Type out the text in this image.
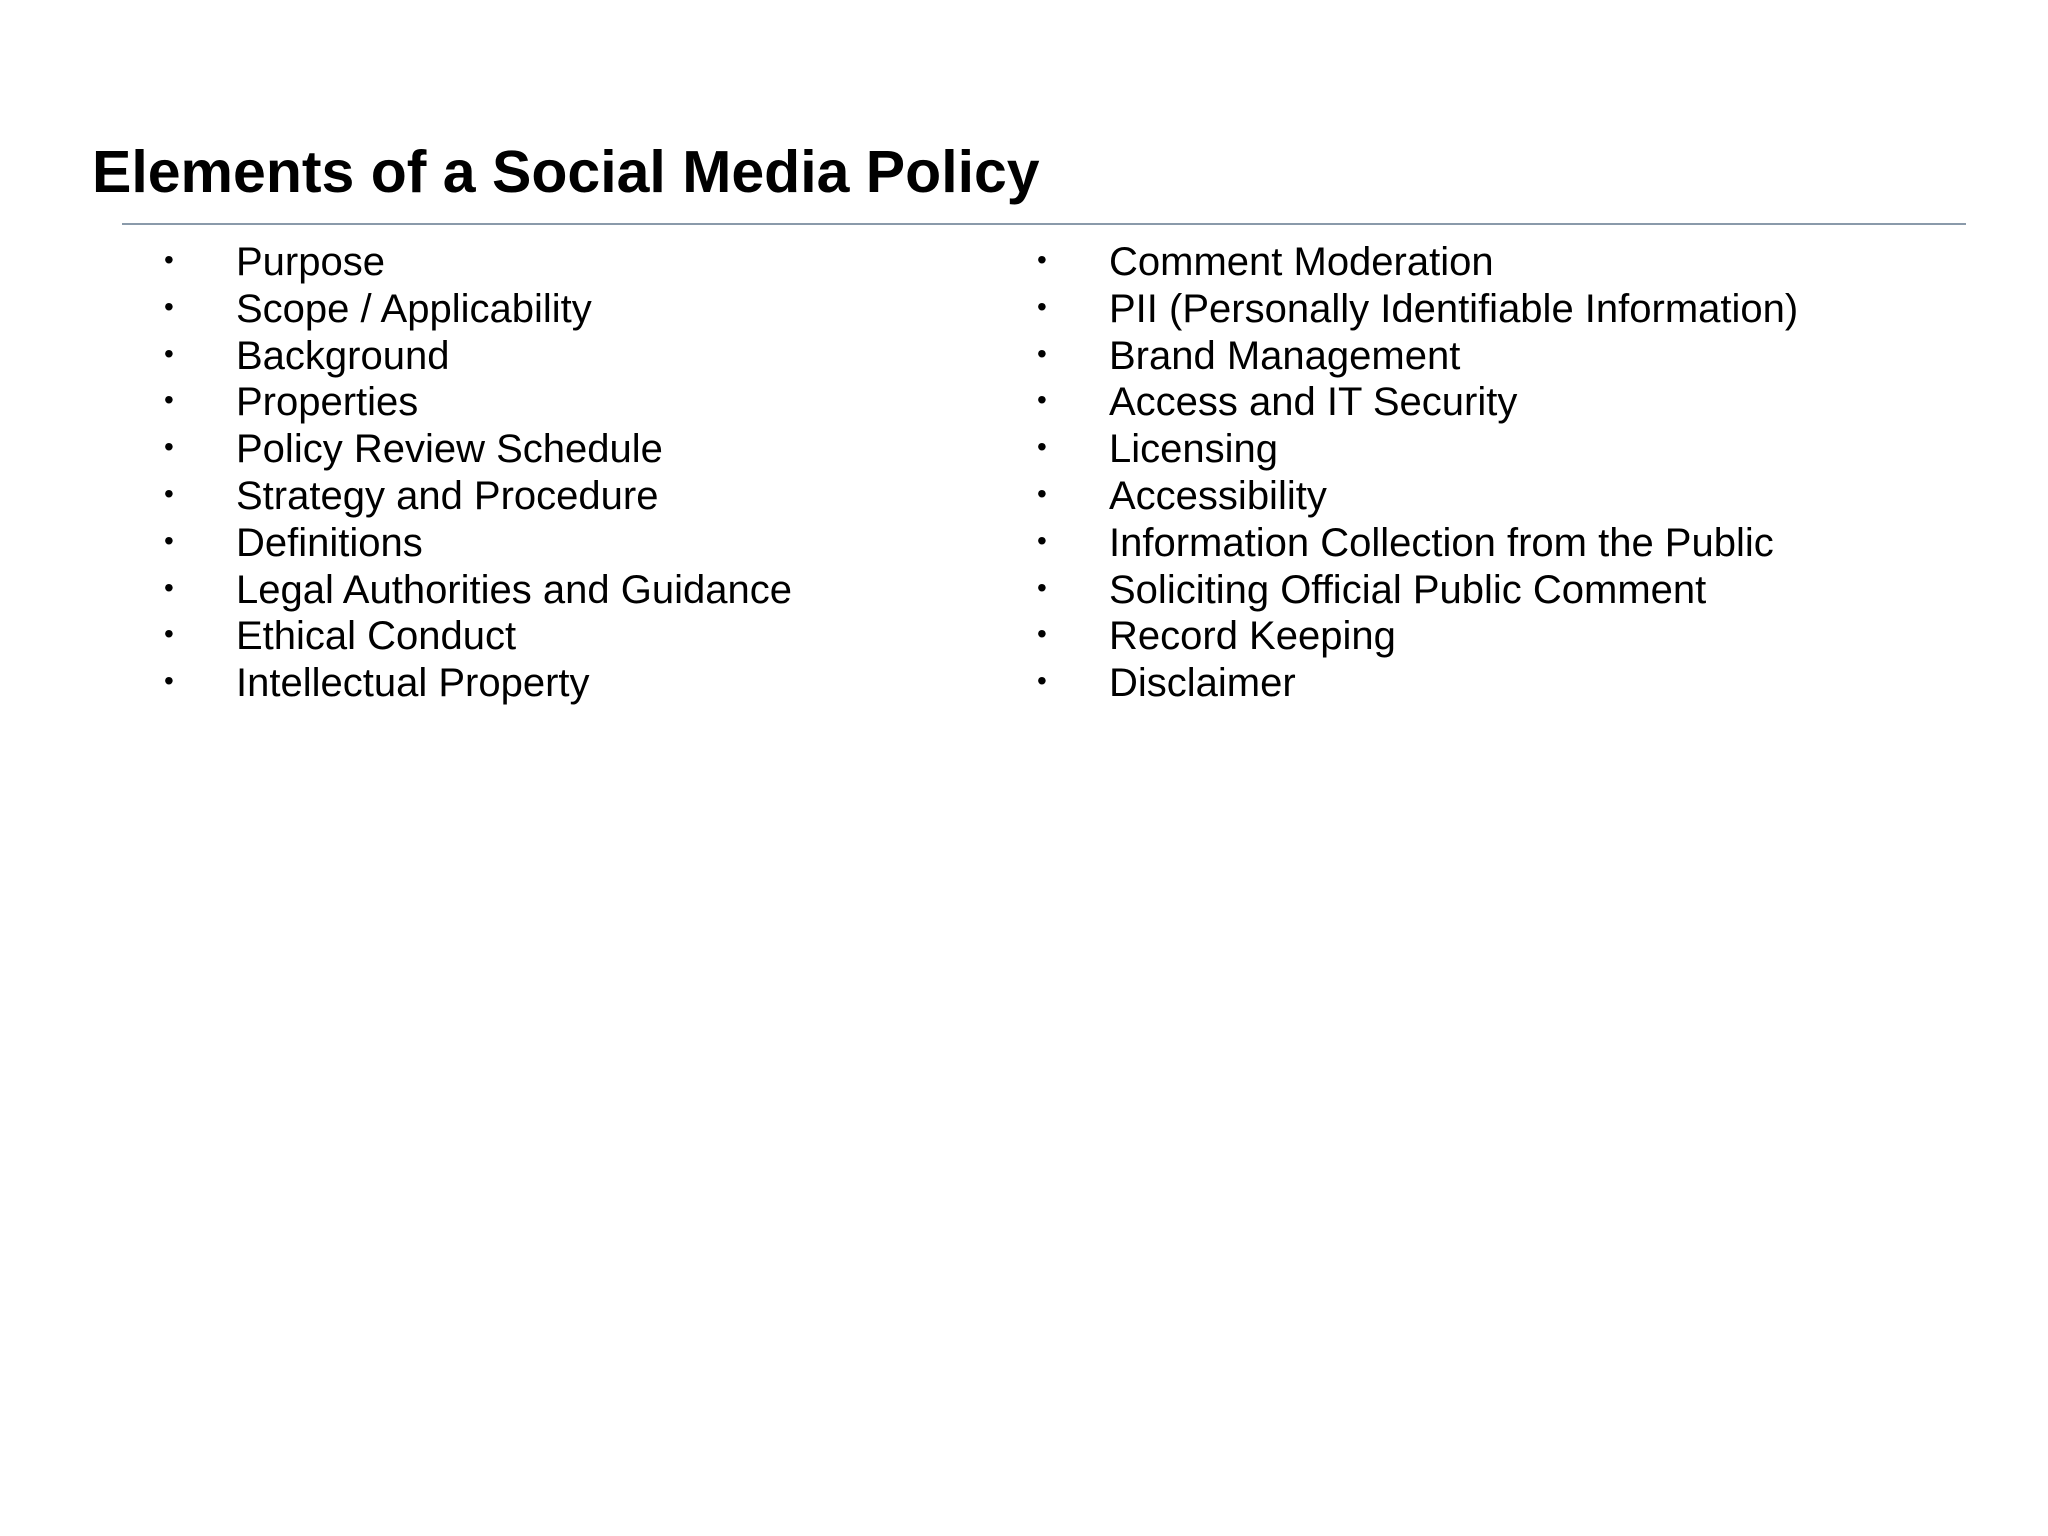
Elements of a Social Media Policy
• Purpose
• Scope / Applicability
• Background
• Properties
• Policy Review Schedule
• Strategy and Procedure
• Definitions
• Legal Authorities and Guidance
• Ethical Conduct
• Intellectual Property
• Comment Moderation
• PII (Personally Identifiable Information)
• Brand Management
• Access and IT Security
• Licensing
• Accessibility
• Information Collection from the Public
• Soliciting Official Public Comment
• Record Keeping
• Disclaimer
